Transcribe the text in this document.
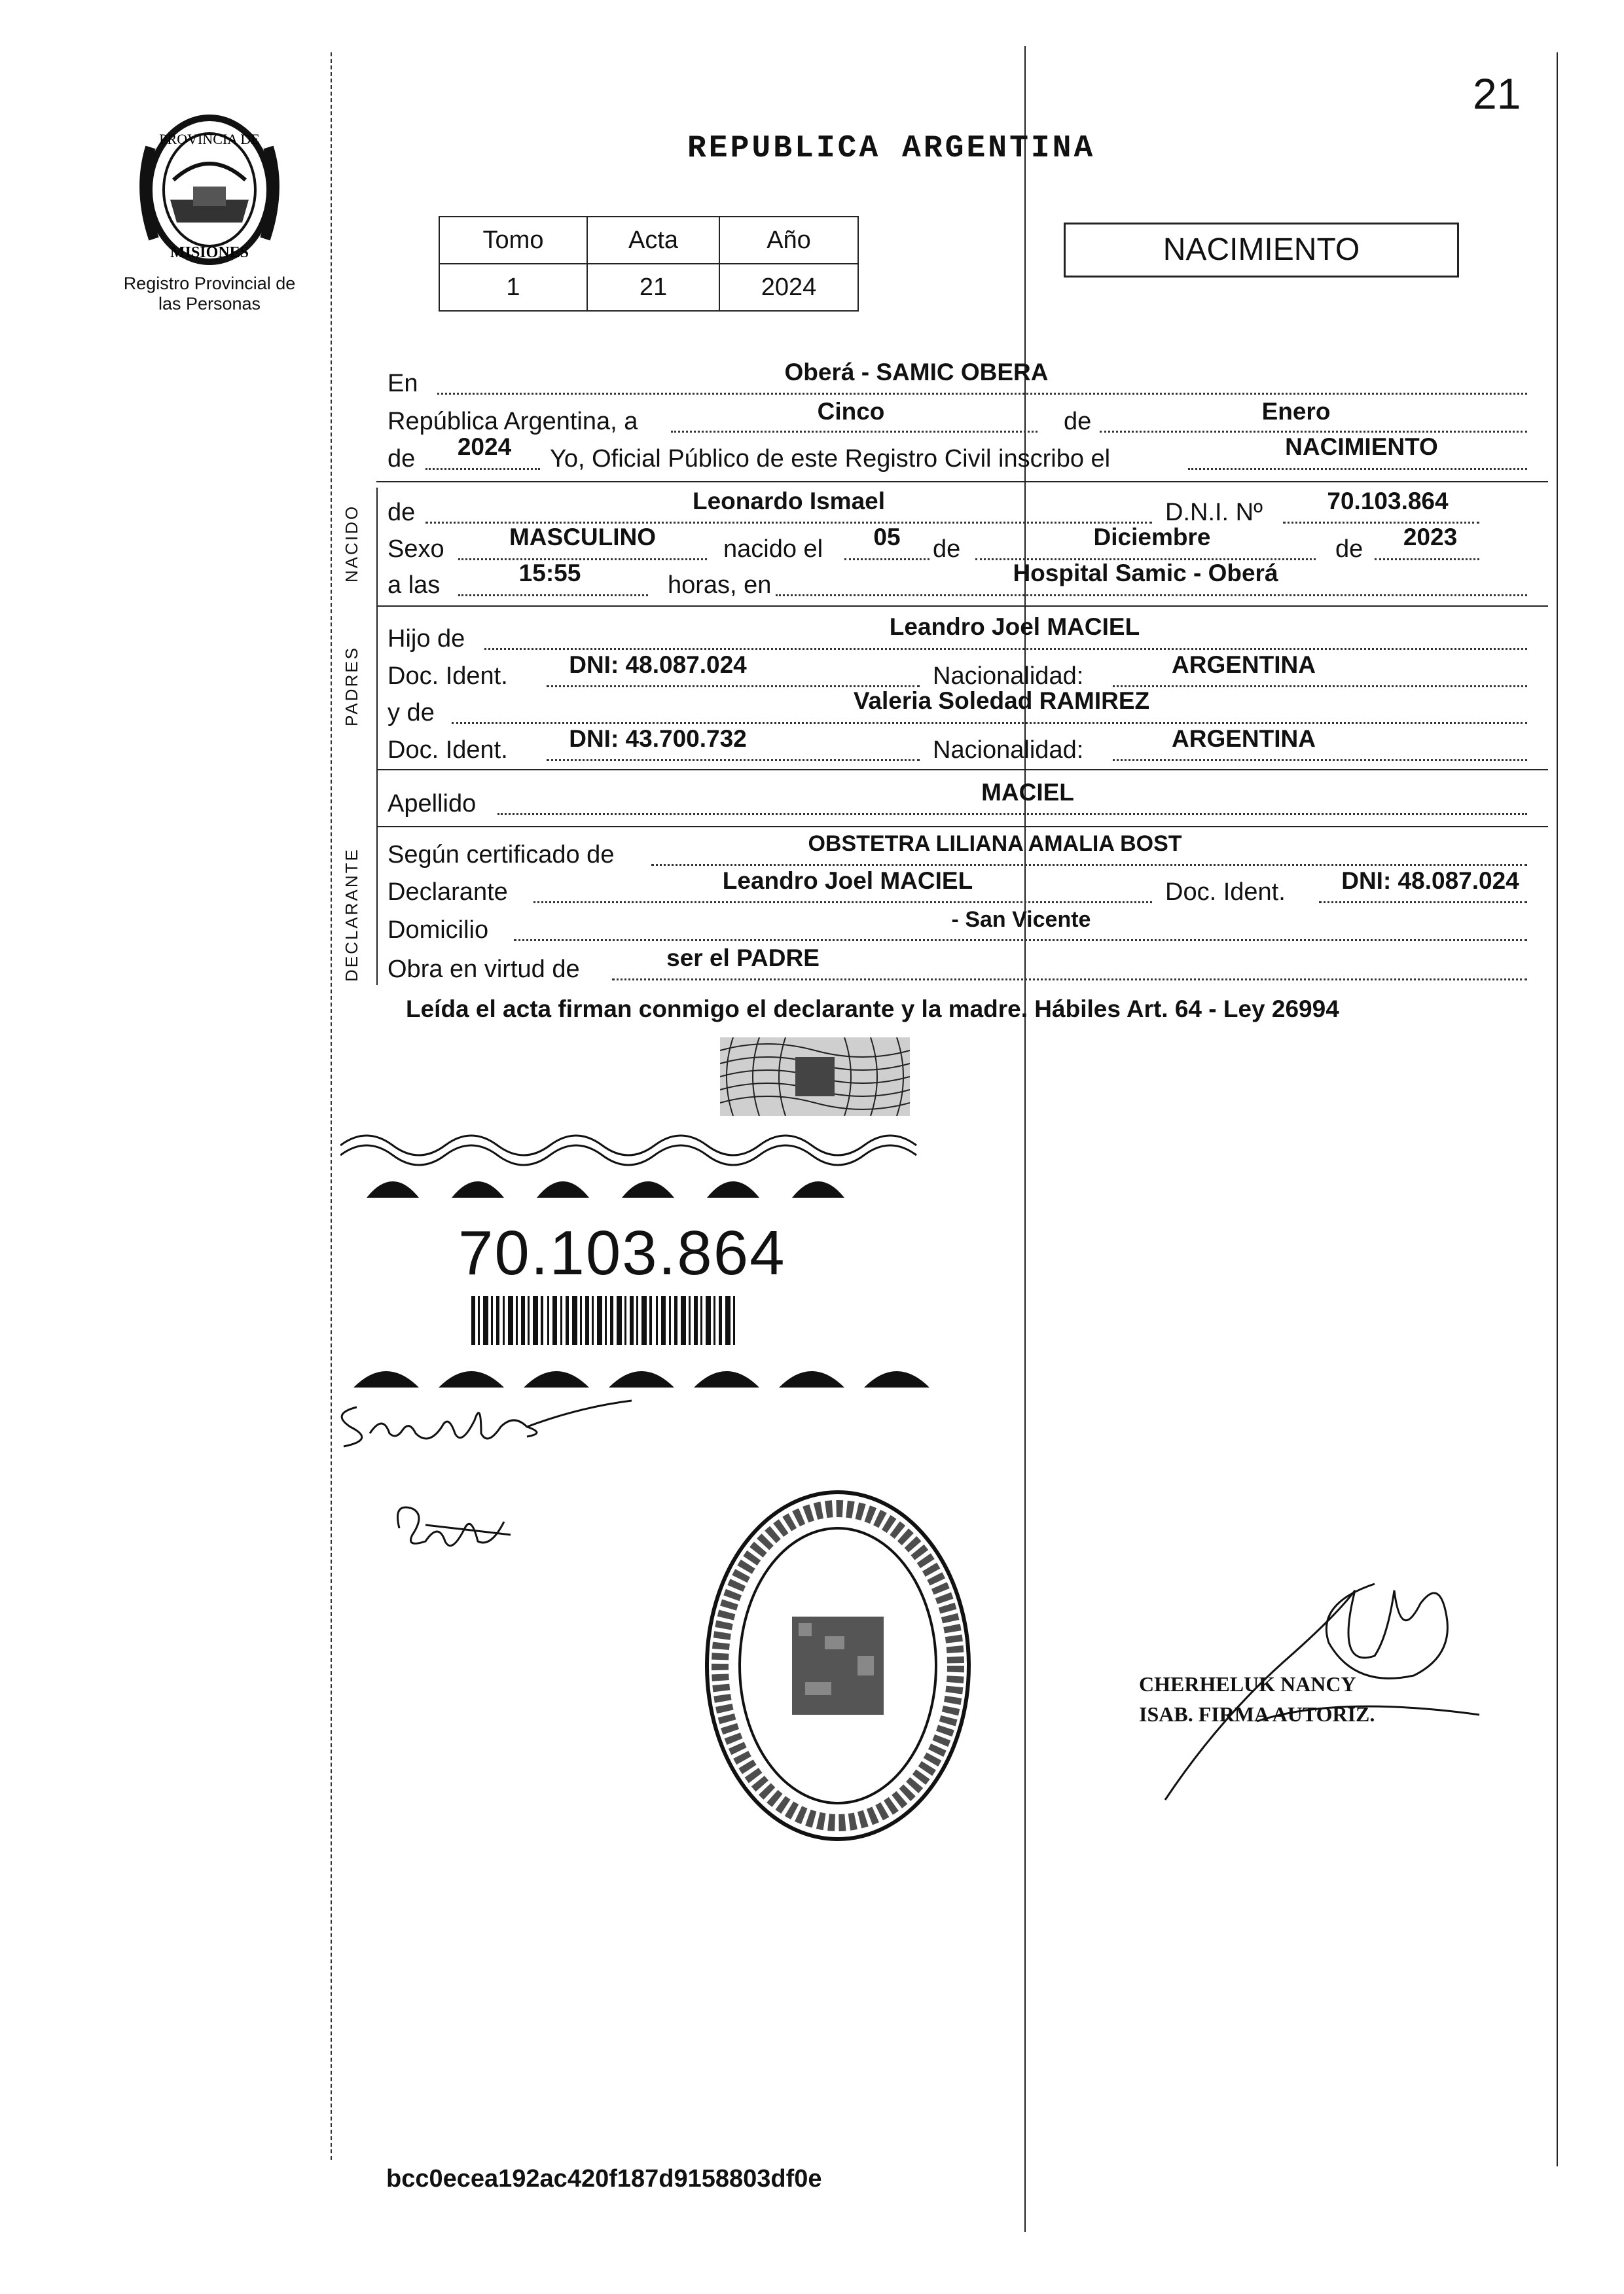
21
REPUBLICA ARGENTINA
PROVINCIA DE
MISIONES
Registro Provincial de las Personas
Tomo	Acta	Año
1	21	2024
NACIMIENTO
NACIDO
PADRES
DECLARANTE
En	Oberá - SAMIC OBERA
República Argentina, a	Cinco	de	Enero
de	2024	Yo, Oficial Público de este Registro Civil inscribo el	NACIMIENTO
de	Leonardo Ismael	D.N.I. Nº	70.103.864
Sexo	MASCULINO	nacido el	05	de	Diciembre	de	2023
a las	15:55	horas, en	Hospital Samic - Oberá
Hijo de	Leandro Joel MACIEL
Doc. Ident.	DNI: 48.087.024	Nacionalidad:	ARGENTINA
y de	Valeria Soledad RAMIREZ
Doc. Ident.	DNI: 43.700.732	Nacionalidad:	ARGENTINA
Apellido	MACIEL
Según certificado de	OBSTETRA LILIANA AMALIA BOST
Declarante	Leandro Joel MACIEL	Doc. Ident.	DNI: 48.087.024
Domicilio	- San Vicente
Obra en virtud de	ser el PADRE
Leída el acta firman conmigo el declarante y la madre. Hábiles Art. 64 - Ley 26994
70.103.864
CHERHELUK NANCY ISAB. FIRMA AUTORIZ.
bcc0ecea192ac420f187d9158803df0e
